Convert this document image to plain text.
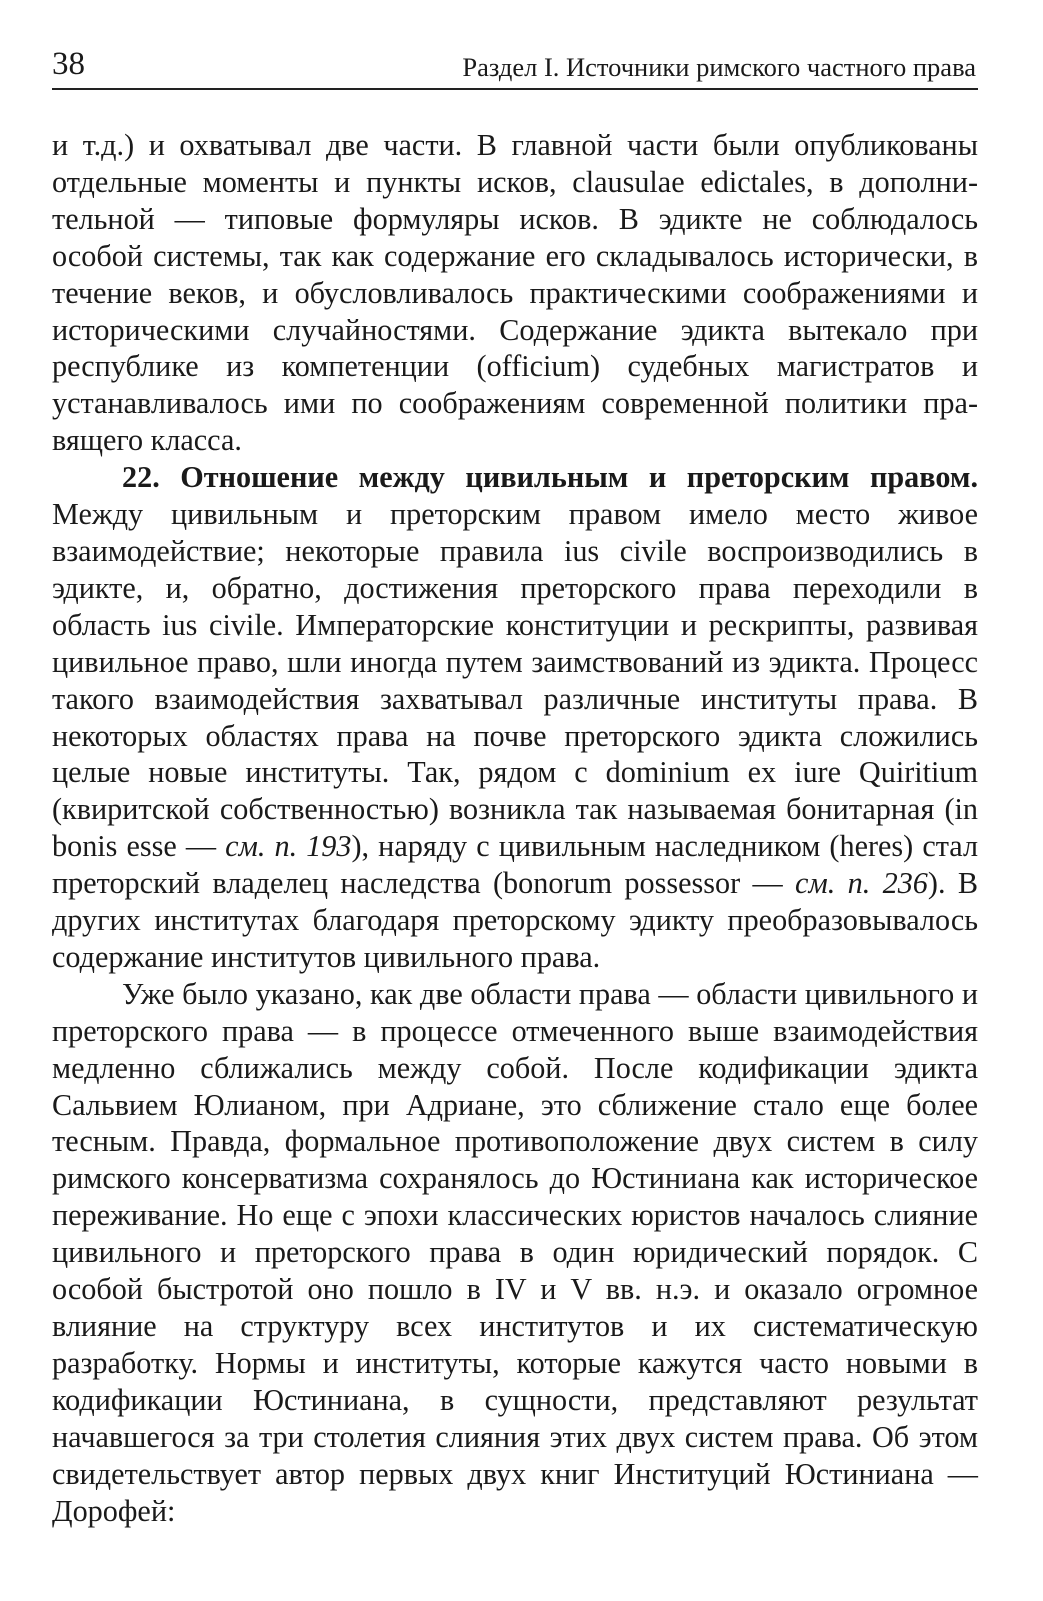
38	Раздел I. Источники римского частного права

и т.д.) и охватывал две части. В главной части были опубликованы отдельные моменты и пункты исков, clausulae edictales, в дополнительной — типовые формуляры исков. В эдикте не соблюдалось особой системы, так как содержание его складывалось исторически, в течение веков, и обусловливалось практическими соображениями и историческими случайностями. Содержание эдикта вытекало при республике из компетенции (officium) судебных магистратов и устанавливалось ими по соображениям современной политики правящего класса.

22. Отношение между цивильным и преторским правом. Между цивильным и преторским правом имело место живое взаимодействие; некоторые правила ius civile воспроизводились в эдикте, и, обратно, достижения преторского права переходили в область ius civile. Императорские конституции и рескрипты, развивая цивильное право, шли иногда путем заимствований из эдикта. Процесс такого взаимодействия захватывал различные институты права. В некоторых областях права на почве преторского эдикта сложились целые новые институты. Так, рядом с dominium ex iure Quiritium (квиритской собственностью) возникла так называемая бонитарная (in bonis esse — см. п. 193), наряду с цивильным наследником (heres) стал преторский владелец наследства (bonorum possessor — см. п. 236). В других институтах благодаря преторскому эдикту преобразовывалось содержание институтов цивильного права.

Уже было указано, как две области права — области цивильного и преторского права — в процессе отмеченного выше взаимодействия медленно сближались между собой. После кодификации эдикта Сальвием Юлианом, при Адриане, это сближение стало еще более тесным. Правда, формальное противоположение двух систем в силу римского консерватизма сохранялось до Юстиниана как историческое переживание. Но еще с эпохи классических юристов началось слияние цивильного и преторского права в один юридический порядок. С особой быстротой оно пошло в IV и V вв. н.э. и оказало огромное влияние на структуру всех институтов и их систематическую разработку. Нормы и институты, которые кажутся часто новыми в кодификации Юстиниана, в сущности, представляют результат начавшегося за три столетия слияния этих двух систем права. Об этом свидетельствует автор первых двух книг Институций Юстиниана — Дорофей:
